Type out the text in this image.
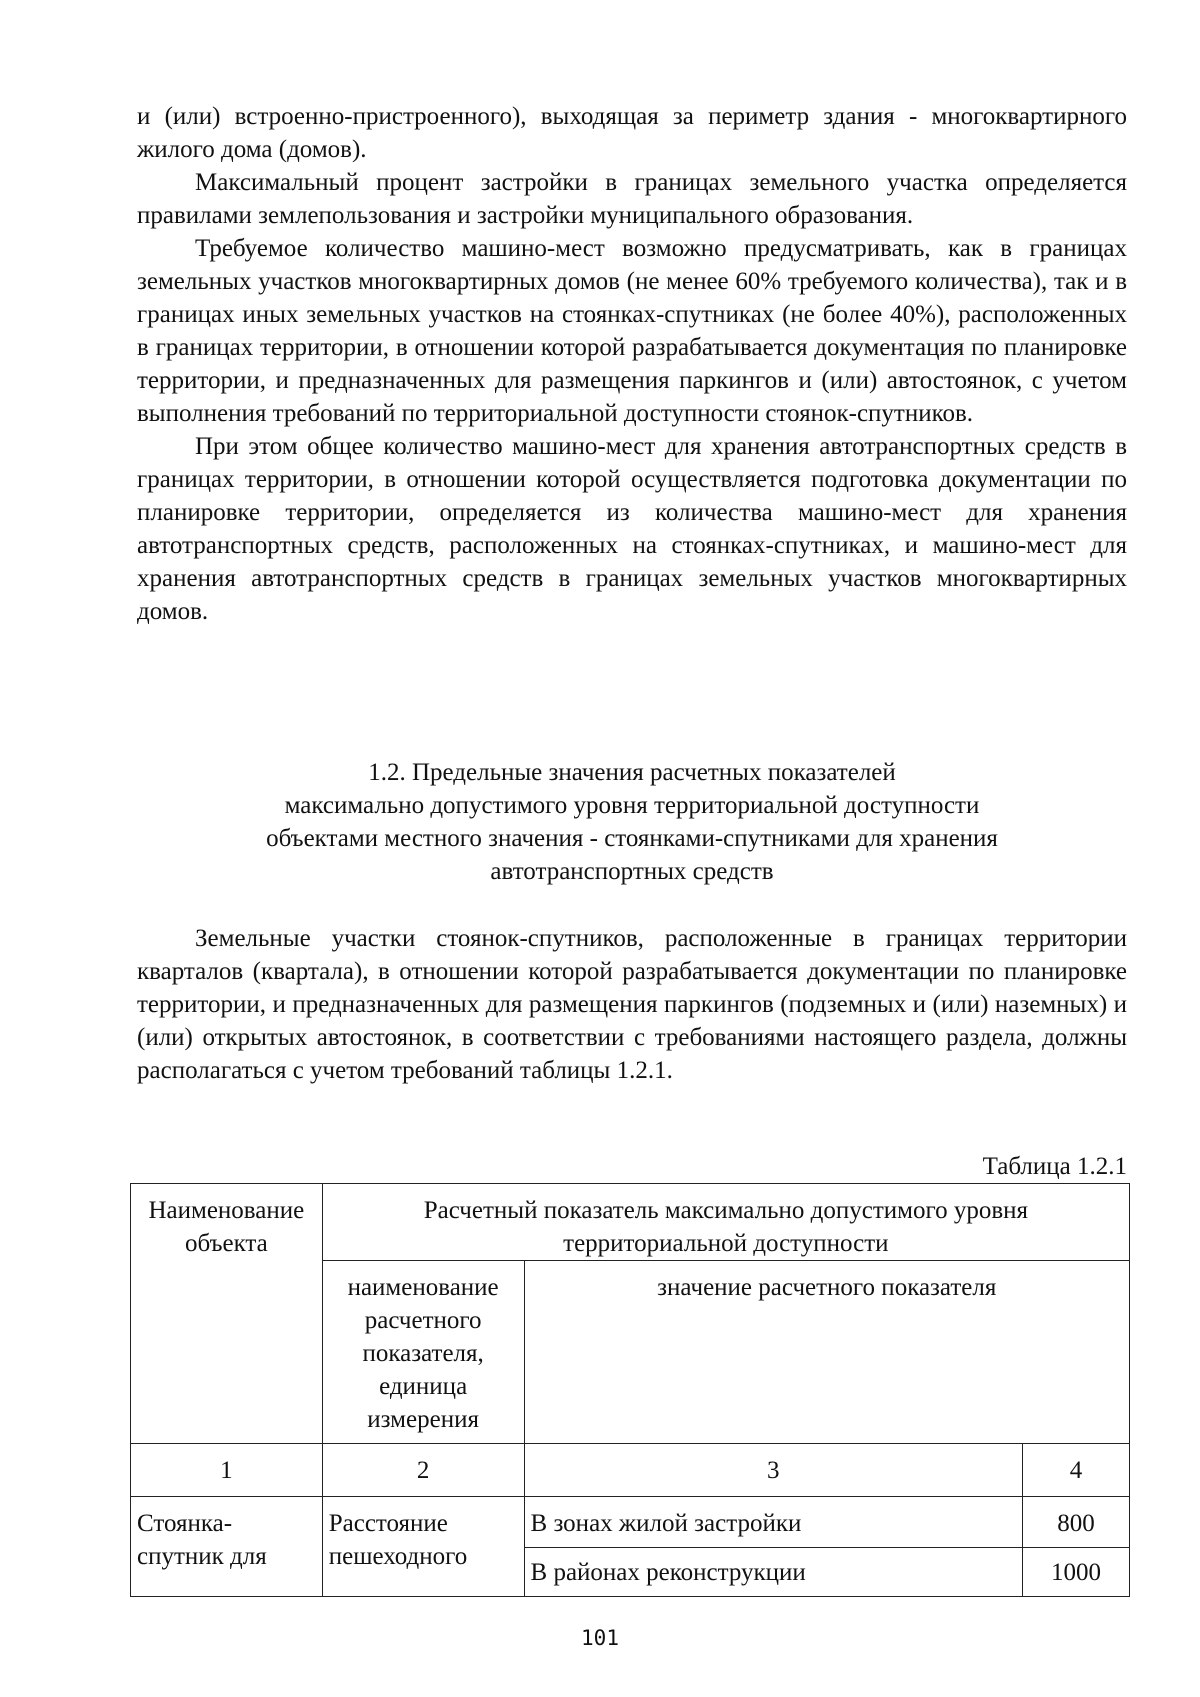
и (или) встроенно-пристроенного), выходящая за периметр здания - многоквартирного жилого дома (домов).

Максимальный процент застройки в границах земельного участка определяется правилами землепользования и застройки муниципального образования.

Требуемое количество машино-мест возможно предусматривать, как в границах земельных участков многоквартирных домов (не менее 60% требуемого количества), так и в границах иных земельных участков на стоянках-спутниках (не более 40%), расположенных в границах территории, в отношении которой разрабатывается документация по планировке территории, и предназначенных для размещения паркингов и (или) автостоянок, с учетом выполнения требований по территориальной доступности стоянок-спутников.

При этом общее количество машино-мест для хранения автотранспортных средств в границах территории, в отношении которой осуществляется подготовка документации по планировке территории, определяется из количества машино-мест для хранения автотранспортных средств, расположенных на стоянках-спутниках, и машино-мест для хранения автотранспортных средств в границах земельных участков многоквартирных домов.

1.2. Предельные значения расчетных показателей
максимально допустимого уровня территориальной доступности
объектами местного значения - стоянками-спутниками для хранения
автотранспортных средств

Земельные участки стоянок-спутников, расположенные в границах территории кварталов (квартала), в отношении которой разрабатывается документации по планировке территории, и предназначенных для размещения паркингов (подземных и (или) наземных) и (или) открытых автостоянок, в соответствии с требованиями настоящего раздела, должны располагаться с учетом требований таблицы 1.2.1.

Таблица 1.2.1
Наименование объекта	Расчетный показатель максимально допустимого уровня территориальной доступности		
	наименование расчетного показателя, единица измерения	значение расчетного показателя	
1	2	3	4
Стоянка-спутник для	Расстояние пешеходного	В зонах жилой застройки	800
		В районах реконструкции	1000
101
